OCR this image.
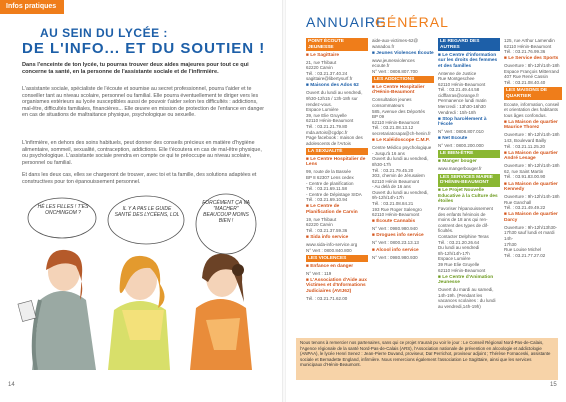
Infos pratiques
AU SEIN DU LYCÉE :
DE L'INFO... ET DU SOUTIEN !

Dans l'enceinte de ton lycée, tu pourras trouver deux aides majeures pour tout ce qui concerne ta santé, en la personne de l'assistante sociale et de l'infirmière.

L'assistante sociale, spécialiste de l'écoute et soumise au secret professionnel, pourra t'aider et te conseiller tant au niveau scolaire, personnel ou familial. Elle pourra éventuellement te diriger vers les organismes extérieurs au lycée susceptibles aussi de pouvoir t'aider selon tes difficultés : addictions, mal-être, difficultés familiales, financières... Elle œuvre en mission de protection de l'enfance en danger en cas de situations de maltraitance physique, psychologique ou sexuelle.

L'infirmière, en dehors des soins habituels, peut donner des conseils précieux en matière d'hygiène alimentaire, sommeil, sexualité, contraception, addictions. Elle t'écoutera en cas de mal-être physique, ou psychologique. L'assistante sociale prendra en compte ce qui te préoccupe au niveau scolaire, personnel ou familial.

Et dans les deux cas, elles se chargeront de trouver, avec toi et ta famille, des solutions adaptées et constructives pour ton épanouissement personnel.

HÉ LES FILLES ! T'ES ONCHINGOM ?
IL Y A PAS LE GUIDE SANTÉ DES LYCÉENS, LOL
FORCÉMENT ÇA VA "MACHER" BEAUCOUP MOINS BIEN !
14
ANNUAIRE
GÉNÉRAL
POINT ÉCOUTE JEUNESSE
■ Le Sagittaire
21, rue Thibaut
62220 Carvin
Tél. : 03.21.37.40.24
sagittaire@libertysurf.fr
■ Maisons des Ados 62
Ouvert du lundi au vendredi,
9h30-12h15 / 13h-18h sur
rendez-vous.
Espace Lumière
39, rue Elie Gruyelle
62110 Hénin-Beaumont
Tél. : 03.21.21.79.80
mda.artois@cgdpc.fr
Page facebook : maison des
adolescents de l'Artois
LA SEXUALITÉ
■ Le Centre Hospitalier de Lens
99, route de la Bassée
BP 8 62307 Lens cedex
- Centre de planification
Tél. : 03.21.69.11.58
- Centre de Dépistage SIDA
Tél. : 03.21.69.10.94
■ Le Centre de Planification de Carvin
19, rue Thibaut
62220 Carvin
Tél. : 03.21.37.59.36
■ Sida info service
www.sida-info-service.org
N° Vert : 0800.840.800
LES VIOLENCES
■ Enfance en danger
N° Vert : 119
■ L'Association d'Aide aux Victimes et d'Informations Judiciaires (AVIJ62)
Tél. : 03.21.71.62.00
aide-aux-victimes-62@
wanadoo.fr
■ Jeunes Violences Écoute
www.jeunesviolences
ecoute.fr
N° Vert : 0808.807.700
LES ADDICTIONS
■ Le Centre Hospitalier d'Hénin-Beaumont
Consultation jeunes
consommateurs
585, Avenue des Déportés
BP 09
62110 Hénin-Beaumont
Tél. : 03.21.08.13.12
secretariatcsapa@ch-henin.fr
■ Le Kaléidoscope C.M.P.
Centre Médico psychologique
- Jusqu'à 16 ans
Ouvert du lundi au vendredi,
8h30-17h
Tél. : 03.21.79.45.20
303, chemin de Jérusalem
62110 Hénin Beaumont
- Au delà de 16 ans
Ouvert du lundi au vendredi,
9h-12h/14h-17h
Tél. : 03.21.08.84.21
193 Rue Roger Salengro
62110 Hénin-Beaumont
■ Écoute Cannabis
N° Vert : 0980.980.940
■ Drogues info service
N° Vert : 0800.23.13.13
■ Alcool info service
N° Vert : 0980.980.930
LE REGARD DES AUTRES
■ Le Centre d'information sur les droits des femmes et des familles
Antenne de Justice
Rue Montgeschee
62110 Hénin-Beaumont
Tél. : 03.21.49.44.58
cidffarras@orange.fr
Permanence lundi matin
Mercredi : 13h30-16h30
Vendredi : 15h-18h
■ Stop harcèlement à l'école
N° Vert : 0808.807.010
■ Net Ecoute
N° Vert : 0800.200.000
LE BIEN-ÊTRE
■ Manger bouger
www.mangerbouger.fr
LES SERVICES MAIRIE D'HÉNIN-BEAUMONT
■ Le Projet Nouvelle Educative à la Culture des étoiles
Favoriser l'épanouissement
des enfants héninois de
moins de 18 ans qui ren-
contrent des types de dif-
ficultés.
Contacter Delphine Teras
Tél. : 03.21.20.26.64
Du lundi au vendredi
8h-12h/14h-17h
Espace Lumière
39 Rue Elie Gruyelle
62110 Hénin-Beaumont
■ Le Centre d'Animation Jeunesse
Ouvert du mardi au samedi,
14h-19h. (Pendant les
vacances scolaires : du lundi
au vendredi,14h-19h)
125, rue Arthur Lamendin
62110 Hénin-Beaumont
Tél. : 03.21.76.99.36
■ Le Service des Sports
Ouverture : 8h-12h/14h-18h
Espace François Mitterrand
407 Rue René Cassin
Tél. : 03.21.08.40.40
LES MAISONS DE QUARTIER
Ecoute, information, conseil
et orientation des habitants
tous âges confondus.
■ La Maison de quartier Maurice Thorez
Ouverture : 9h-12h/14h-18h
143, Boulevard Bailly
Tél. : 03.21.11.25.20
■ La Maison de quartier André Lesage
Ouverture : 9h-12h/14h-18h
62, rue Saint Martin
Tél. : 03.91.83.00.90
■ La Maison de quartier Kennedy
Ouverture : 9h-12h/14h-18h
Rue Ganchall
Tél. : 03.21.49.49.22
■ La Maison de quartier Darcy
Ouverture : 9h-12h/13h30-
17h30 sauf lundi et mardi 14h-
17h30
Rue Louise Michel
Tél. : 03.21.77.27.02

Nous tenons à remercier nos partenaires, sans qui ce projet n'aurait pu voir le jour : Le Conseil Régional Nord-Pas-de-Calais, l'Agence régionale de la santé Nord-Pas-de-Calais (ARS), l'Association nationale de prévention en alcoologie et addictologie (ANPAA), le lycée Henri Senez : Jean-Pierre Duvand, proviseur, Daï Perrichot, proviseur adjoint ; Thérèse Fornaceski, assistante sociale et Bernadette England, infirmière. Nous remercions également l'association Le Sagittaire, ainsi que les services municipaux d'Hénin-Beaumont.

15
